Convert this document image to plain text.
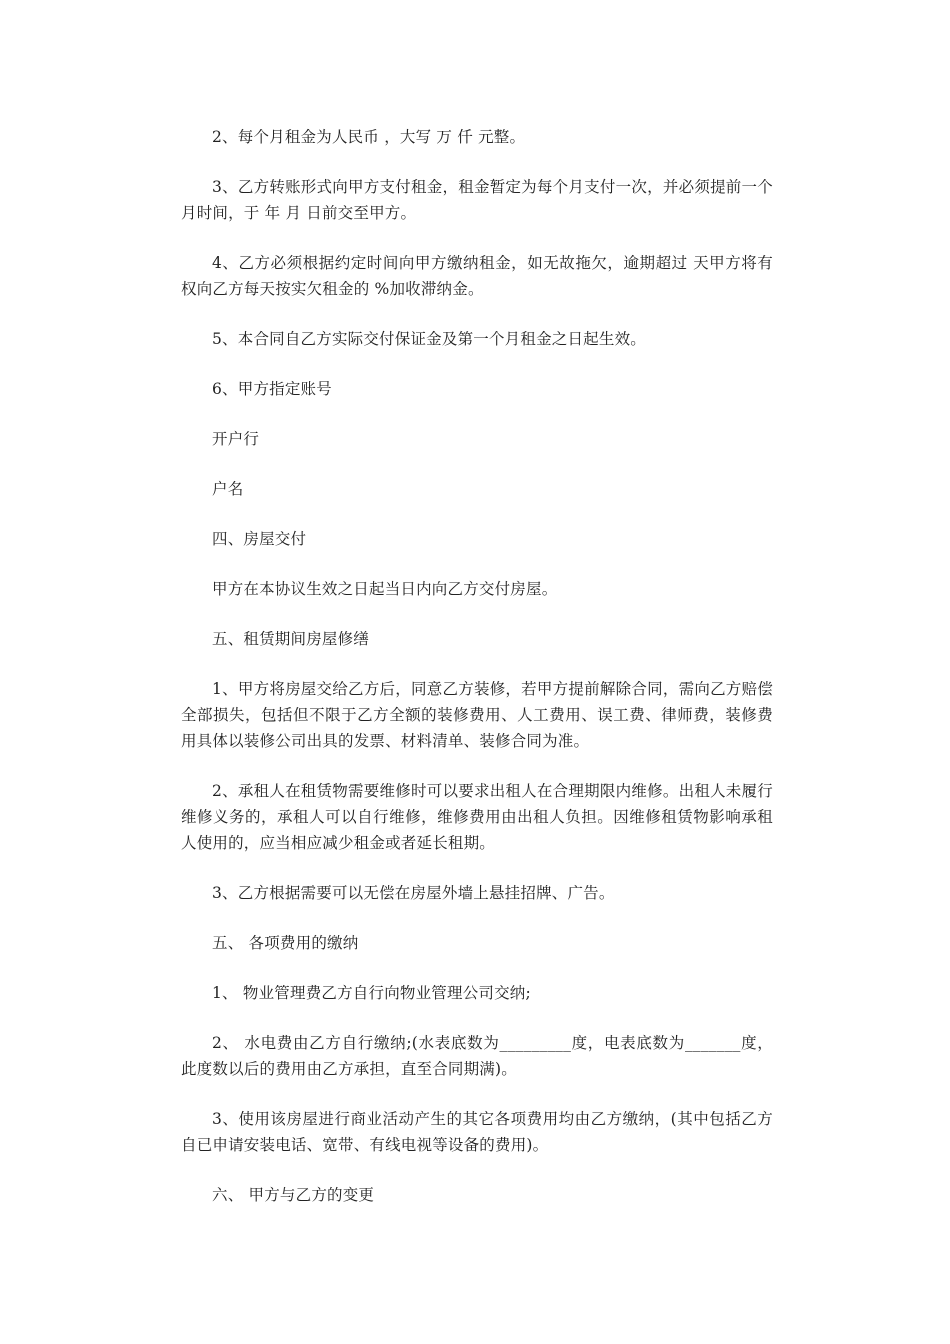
2、每个月租金为人民币 ，大写 万 仟 元整。

3、乙方转账形式向甲方支付租金，租金暂定为每个月支付一次，并必须提前一个月时间，于 年 月 日前交至甲方。

4、乙方必须根据约定时间向甲方缴纳租金，如无故拖欠，逾期超过 天甲方将有权向乙方每天按实欠租金的 %加收滞纳金。

5、本合同自乙方实际交付保证金及第一个月租金之日起生效。

6、甲方指定账号

开户行

户名

四、房屋交付

甲方在本协议生效之日起当日内向乙方交付房屋。

五、租赁期间房屋修缮

1、甲方将房屋交给乙方后，同意乙方装修，若甲方提前解除合同，需向乙方赔偿全部损失，包括但不限于乙方全额的装修费用、人工费用、误工费、律师费，装修费用具体以装修公司出具的发票、材料清单、装修合同为准。

2、承租人在租赁物需要维修时可以要求出租人在合理期限内维修。出租人未履行维修义务的，承租人可以自行维修，维修费用由出租人负担。因维修租赁物影响承租人使用的，应当相应减少租金或者延长租期。

3、乙方根据需要可以无偿在房屋外墙上悬挂招牌、广告。

五、 各项费用的缴纳

1、 物业管理费乙方自行向物业管理公司交纳;

2、 水电费由乙方自行缴纳;(水表底数为_________度，电表底数为_______度，此度数以后的费用由乙方承担，直至合同期满)。

3、使用该房屋进行商业活动产生的其它各项费用均由乙方缴纳，(其中包括乙方自已申请安装电话、宽带、有线电视等设备的费用)。

六、 甲方与乙方的变更
